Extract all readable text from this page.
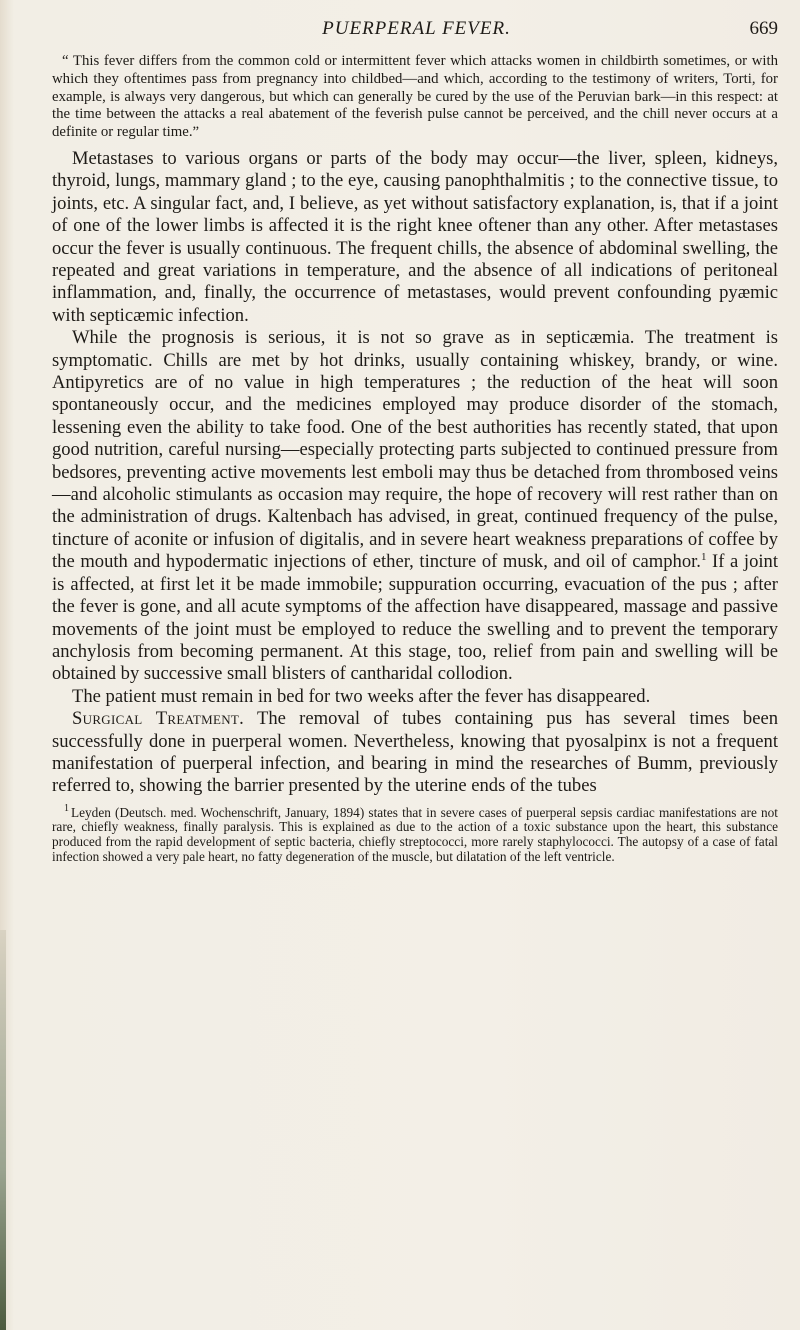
PUERPERAL FEVER.	669

“ This fever differs from the common cold or intermittent fever which attacks women in childbirth sometimes, or with which they oftentimes pass from pregnancy into childbed—and which, according to the testimony of writers, Torti, for example, is always very dangerous, but which can generally be cured by the use of the Peruvian bark—in this respect: at the time between the attacks a real abatement of the feverish pulse cannot be perceived, and the chill never occurs at a definite or regular time.”

Metastases to various organs or parts of the body may occur—the liver, spleen, kidneys, thyroid, lungs, mammary gland ; to the eye, causing panophthalmitis ; to the connective tissue, to joints, etc. A singular fact, and, I believe, as yet without satisfactory explanation, is, that if a joint of one of the lower limbs is affected it is the right knee oftener than any other. After metastases occur the fever is usually continuous. The frequent chills, the absence of abdominal swelling, the repeated and great variations in temperature, and the absence of all indications of peritoneal inflammation, and, finally, the occurrence of metastases, would prevent confounding pyæmic with septicæmic infection.

While the prognosis is serious, it is not so grave as in septicæmia. The treatment is symptomatic. Chills are met by hot drinks, usually containing whiskey, brandy, or wine. Antipyretics are of no value in high temperatures ; the reduction of the heat will soon spontaneously occur, and the medicines employed may produce disorder of the stomach, lessening even the ability to take food. One of the best authorities has recently stated, that upon good nutrition, careful nursing—especially protecting parts subjected to continued pressure from bedsores, preventing active movements lest emboli may thus be detached from thrombosed veins—and alcoholic stimulants as occasion may require, the hope of recovery will rest rather than on the administration of drugs. Kaltenbach has advised, in great, continued frequency of the pulse, tincture of aconite or infusion of digitalis, and in severe heart weakness preparations of coffee by the mouth and hypodermatic injections of ether, tincture of musk, and oil of camphor.$^1$ If a joint is affected, at first let it be made immobile; suppuration occurring, evacuation of the pus ; after the fever is gone, and all acute symptoms of the affection have disappeared, massage and passive movements of the joint must be employed to reduce the swelling and to prevent the temporary anchylosis from becoming permanent. At this stage, too, relief from pain and swelling will be obtained by successive small blisters of cantharidal collodion.

The patient must remain in bed for two weeks after the fever has disappeared.

Surgical Treatment. The removal of tubes containing pus has several times been successfully done in puerperal women. Nevertheless, knowing that pyosalpinx is not a frequent manifestation of puerperal infection, and bearing in mind the researches of Bumm, previously referred to, showing the barrier presented by the uterine ends of the tubes

$^1$ Leyden (Deutsch. med. Wochenschrift, January, 1894) states that in severe cases of puerperal sepsis cardiac manifestations are not rare, chiefly weakness, finally paralysis. This is explained as due to the action of a toxic substance upon the heart, this substance produced from the rapid development of septic bacteria, chiefly streptococci, more rarely staphylococci. The autopsy of a case of fatal infection showed a very pale heart, no fatty degeneration of the muscle, but dilatation of the left ventricle.
